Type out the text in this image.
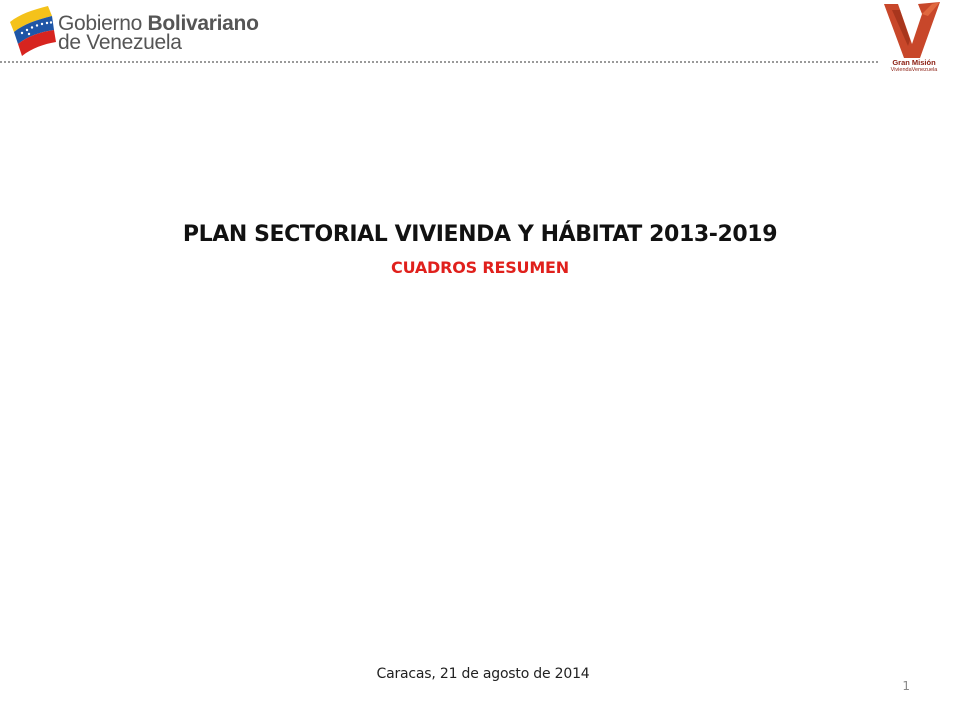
Gobierno Bolivariano
de Venezuela
Gran Misión
ViviendaVenezuela
PLAN SECTORIAL VIVIENDA Y HÁBITAT 2013-2019
CUADROS RESUMEN
Caracas, 21 de agosto de 2014
1
